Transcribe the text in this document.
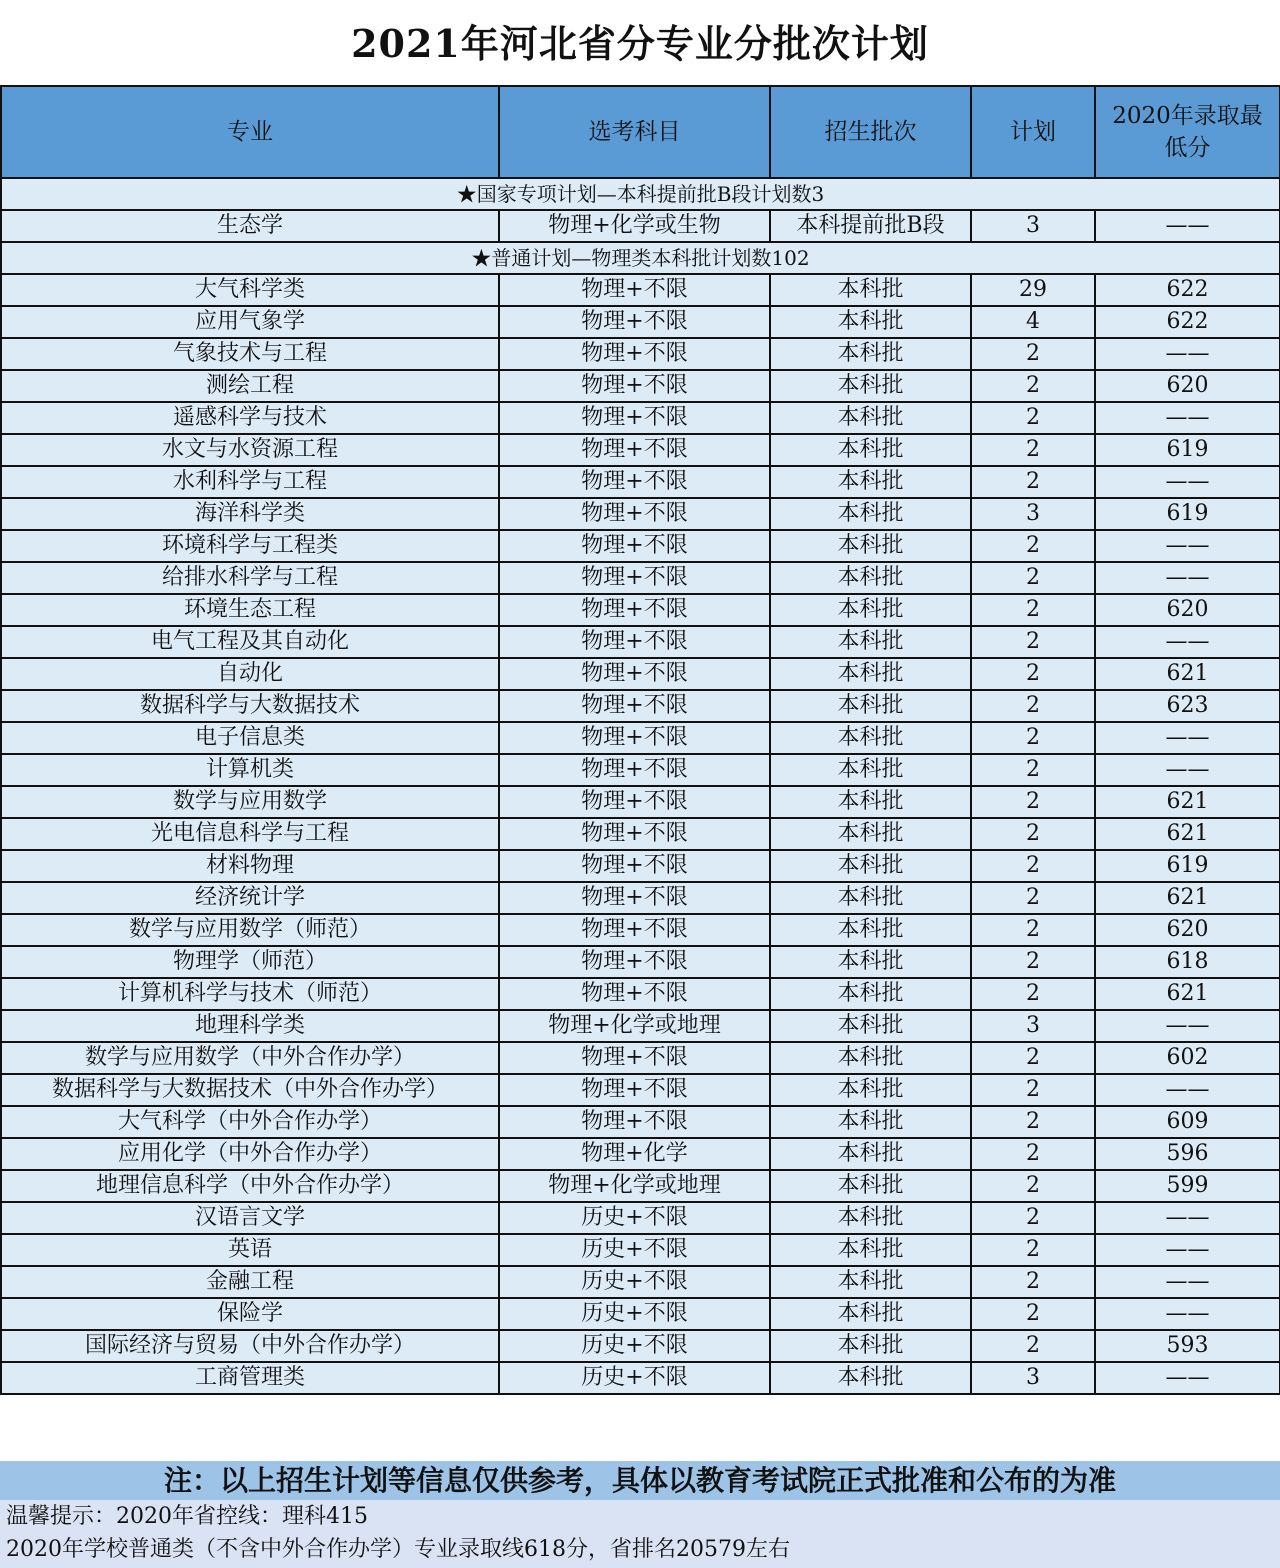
2021年河北省分专业分批次计划
专业	选考科目	招生批次	计划	2020年录取最低分
★国家专项计划—本科提前批B段计划数3				
生态学	物理+化学或生物	本科提前批B段	3	——
★普通计划—物理类本科批计划数102				
大气科学类	物理+不限	本科批	29	622
应用气象学	物理+不限	本科批	4	622
气象技术与工程	物理+不限	本科批	2	——
测绘工程	物理+不限	本科批	2	620
遥感科学与技术	物理+不限	本科批	2	——
水文与水资源工程	物理+不限	本科批	2	619
水利科学与工程	物理+不限	本科批	2	——
海洋科学类	物理+不限	本科批	3	619
环境科学与工程类	物理+不限	本科批	2	——
给排水科学与工程	物理+不限	本科批	2	——
环境生态工程	物理+不限	本科批	2	620
电气工程及其自动化	物理+不限	本科批	2	——
自动化	物理+不限	本科批	2	621
数据科学与大数据技术	物理+不限	本科批	2	623
电子信息类	物理+不限	本科批	2	——
计算机类	物理+不限	本科批	2	——
数学与应用数学	物理+不限	本科批	2	621
光电信息科学与工程	物理+不限	本科批	2	621
材料物理	物理+不限	本科批	2	619
经济统计学	物理+不限	本科批	2	621
数学与应用数学（师范）	物理+不限	本科批	2	620
物理学（师范）	物理+不限	本科批	2	618
计算机科学与技术（师范）	物理+不限	本科批	2	621
地理科学类	物理+化学或地理	本科批	3	——
数学与应用数学（中外合作办学）	物理+不限	本科批	2	602
数据科学与大数据技术（中外合作办学）	物理+不限	本科批	2	——
大气科学（中外合作办学）	物理+不限	本科批	2	609
应用化学（中外合作办学）	物理+化学	本科批	2	596
地理信息科学（中外合作办学）	物理+化学或地理	本科批	2	599
汉语言文学	历史+不限	本科批	2	——
英语	历史+不限	本科批	2	——
金融工程	历史+不限	本科批	2	——
保险学	历史+不限	本科批	2	——
国际经济与贸易（中外合作办学）	历史+不限	本科批	2	593
工商管理类	历史+不限	本科批	3	——
注：以上招生计划等信息仅供参考，具体以教育考试院正式批准和公布的为准
温馨提示：2020年省控线：理科415
2020年学校普通类（不含中外合作办学）专业录取线618分，省排名20579左右
